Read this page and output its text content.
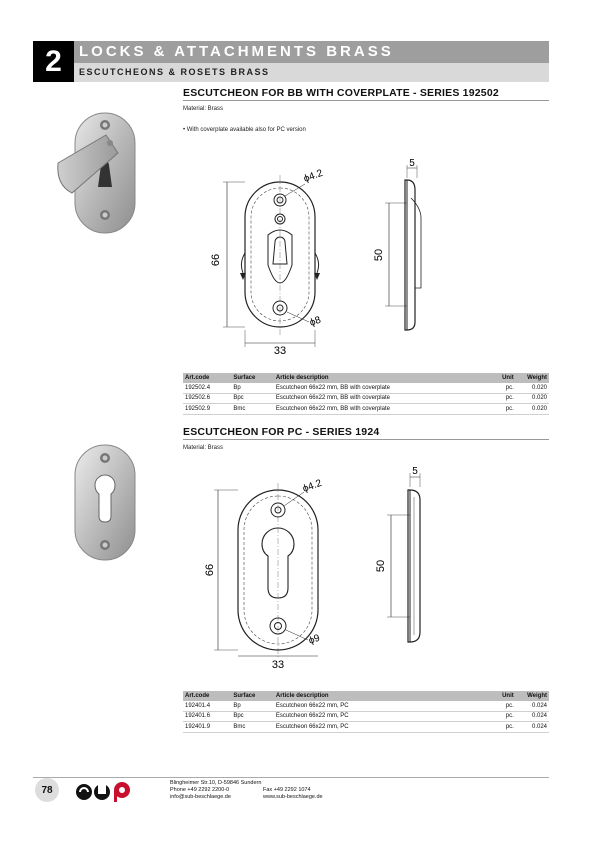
2	LOCKS & ATTACHMENTS BRASS
ESCUTCHEONS & ROSETS BRASS
ESCUTCHEON FOR BB WITH COVERPLATE - SERIES 192502
Material: Brass
• With coverplate available also for PC version
66
33
ϕ4.2
ϕ8
5
50
Art.code	Surface	Article description	Unit	Weight
192502.4	Bp	Escutcheon 66x22 mm, BB with coverplate	pc.	0.020
192502.6	Bpc	Escutcheon 66x22 mm, BB with coverplate	pc.	0.020
192502.9	Bmc	Escutcheon 66x22 mm, BB with coverplate	pc.	0.020
ESCUTCHEON FOR PC - SERIES 1924
Material: Brass
66
33
ϕ4.2
ϕ9
5
50
Art.code	Surface	Article description	Unit	Weight
192401.4	Bp	Escutcheon 66x22 mm, PC	pc.	0.024
192401.6	Bpc	Escutcheon 66x22 mm, PC	pc.	0.024
192401.9	Bmc	Escutcheon 66x22 mm, PC	pc.	0.024
78
Blingheimer Str.10, D-59846 Sundern
Phone +49 2292 2200-0
info@sub-beschlaege.de
Fax +49 2292 1074
www.sub-beschlaege.de
